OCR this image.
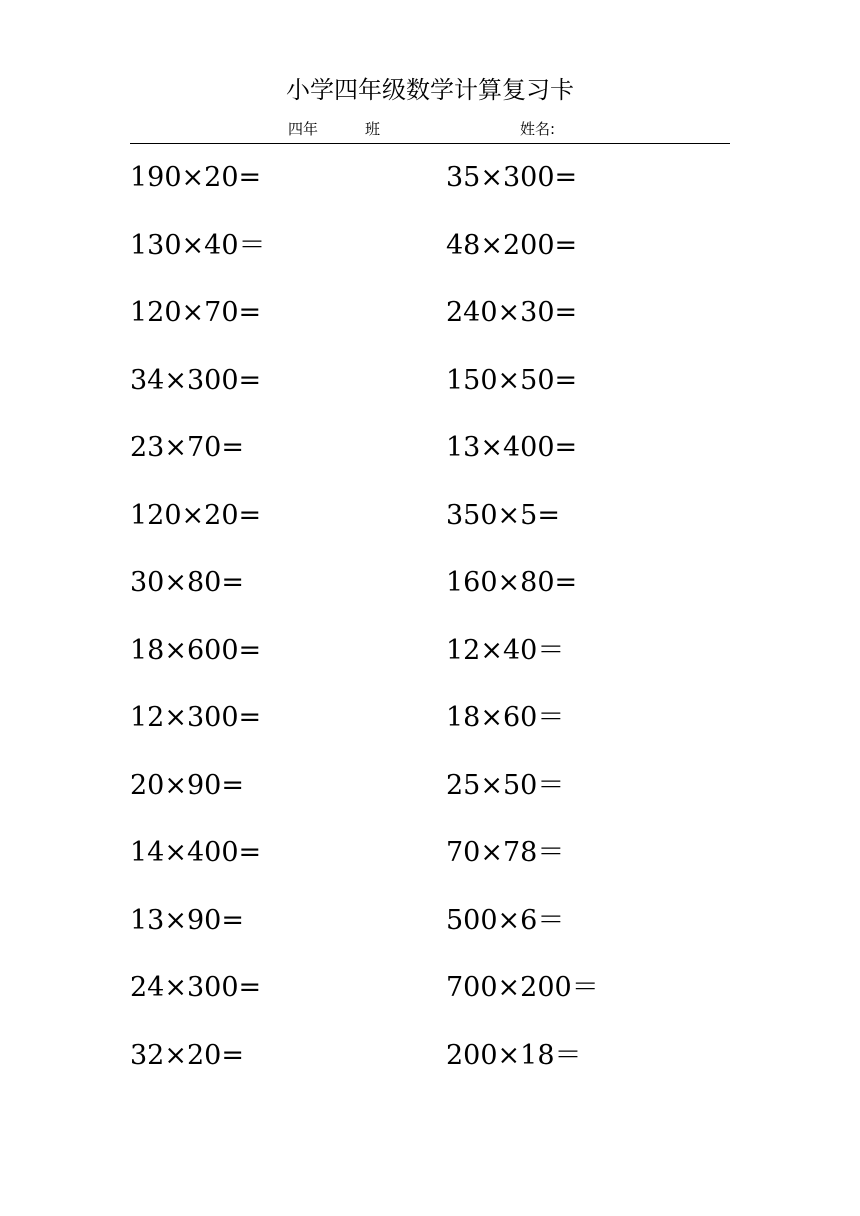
小学四年级数学计算复习卡
四年	班	姓名:
190×20=	35×300=
130×40＝	48×200=
120×70=	240×30=
34×300=	150×50=
23×70=	13×400=
120×20=	350×5=
30×80=	160×80=
18×600=	12×40＝
12×300=	18×60＝
20×90=	25×50＝
14×400=	70×78＝
13×90=	500×6＝
24×300=	700×200＝
32×20=	200×18＝
